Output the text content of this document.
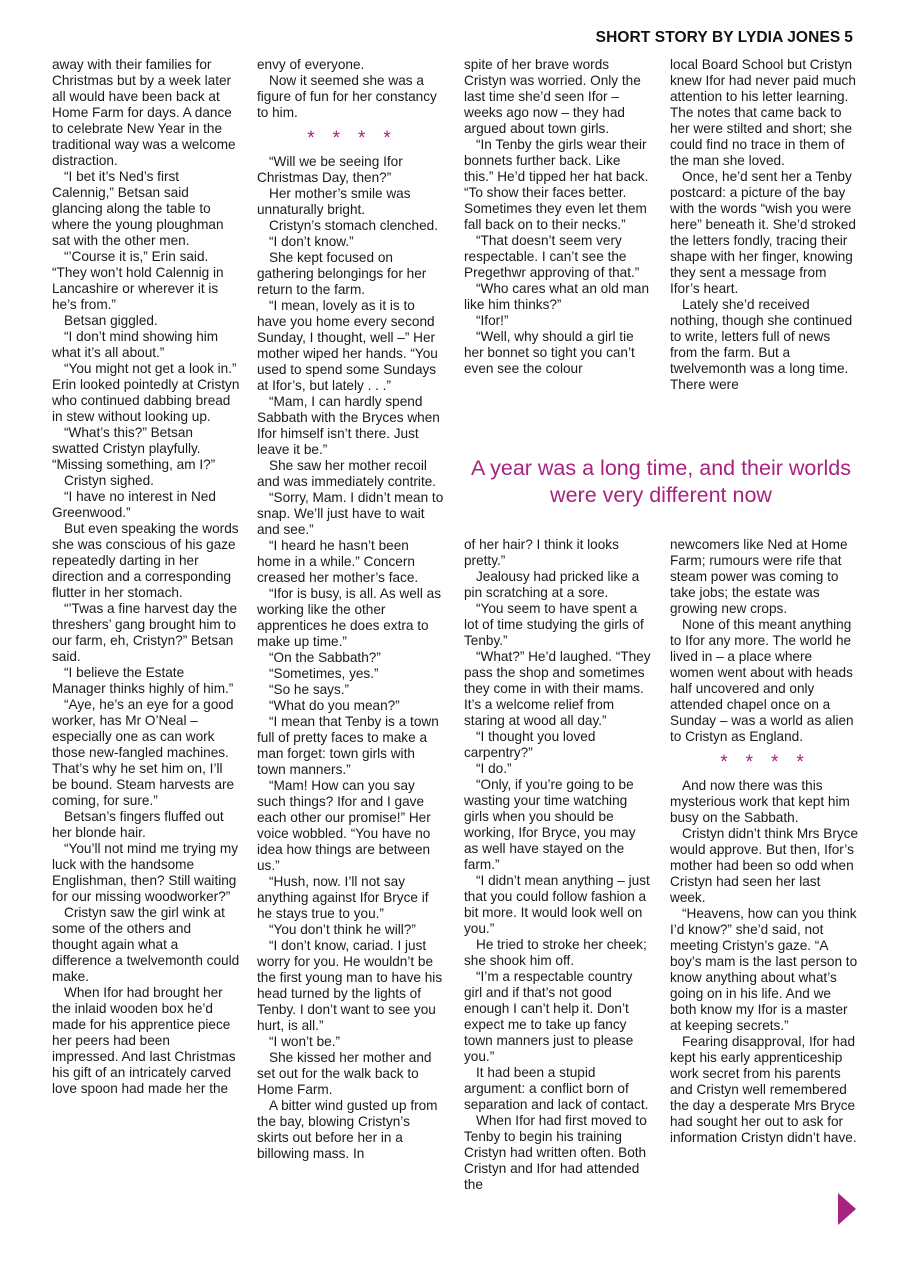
SHORT STORY BY LYDIA JONES 5

away with their families for Christmas but by a week later all would have been back at Home Farm for days. A dance to celebrate New Year in the traditional way was a welcome distraction.

“I bet it’s Ned’s first Calennig,” Betsan said glancing along the table to where the young ploughman sat with the other men.

“’Course it is,” Erin said. “They won’t hold Calennig in Lancashire or wherever it is he’s from.”

Betsan giggled.

“I don’t mind showing him what it’s all about.”

“You might not get a look in.” Erin looked pointedly at Cristyn who continued dabbing bread in stew without looking up.

“What’s this?” Betsan swatted Cristyn playfully. “Missing something, am I?”

Cristyn sighed.

“I have no interest in Ned Greenwood.”

But even speaking the words she was conscious of his gaze repeatedly darting in her direction and a corresponding flutter in her stomach.

“’Twas a fine harvest day the threshers’ gang brought him to our farm, eh, Cristyn?” Betsan said.

“I believe the Estate Manager thinks highly of him.”

“Aye, he’s an eye for a good worker, has Mr O’Neal – especially one as can work those new-fangled machines. That’s why he set him on, I’ll be bound. Steam harvests are coming, for sure.”

Betsan’s fingers fluffed out her blonde hair.

“You’ll not mind me trying my luck with the handsome Englishman, then? Still waiting for our missing woodworker?”

Cristyn saw the girl wink at some of the others and thought again what a difference a twelvemonth could make.

When Ifor had brought her the inlaid wooden box he’d made for his apprentice piece her peers had been impressed. And last Christmas his gift of an intricately carved love spoon had made her the

envy of everyone.

Now it seemed she was a figure of fun for her constancy to him.

****

“Will we be seeing Ifor Christmas Day, then?”

Her mother’s smile was unnaturally bright.

Cristyn’s stomach clenched.

“I don’t know.”

She kept focused on gathering belongings for her return to the farm.

“I mean, lovely as it is to have you home every second Sunday, I thought, well –” Her mother wiped her hands. “You used to spend some Sundays at Ifor’s, but lately . . .”

“Mam, I can hardly spend Sabbath with the Bryces when Ifor himself isn’t there. Just leave it be.”

She saw her mother recoil and was immediately contrite.

“Sorry, Mam. I didn’t mean to snap. We’ll just have to wait and see.”

“I heard he hasn’t been home in a while.” Concern creased her mother’s face.

“Ifor is busy, is all. As well as working like the other apprentices he does extra to make up time.”

“On the Sabbath?”

“Sometimes, yes.”

“So he says.”

“What do you mean?”

“I mean that Tenby is a town full of pretty faces to make a man forget: town girls with town manners.”

“Mam! How can you say such things? Ifor and I gave each other our promise!” Her voice wobbled. “You have no idea how things are between us.”

“Hush, now. I’ll not say anything against Ifor Bryce if he stays true to you.”

“You don’t think he will?”

“I don’t know, cariad. I just worry for you. He wouldn’t be the first young man to have his head turned by the lights of Tenby. I don’t want to see you hurt, is all.”

“I won’t be.”

She kissed her mother and set out for the walk back to Home Farm.

A bitter wind gusted up from the bay, blowing Cristyn’s skirts out before her in a billowing mass. In

spite of her brave words Cristyn was worried. Only the last time she’d seen Ifor – weeks ago now – they had argued about town girls.

“In Tenby the girls wear their bonnets further back. Like this.” He’d tipped her hat back. “To show their faces better. Sometimes they even let them fall back on to their necks.”

“That doesn’t seem very respectable. I can’t see the Pregethwr approving of that.”

“Who cares what an old man like him thinks?”

“Ifor!”

“Well, why should a girl tie her bonnet so tight you can’t even see the colour

local Board School but Cristyn knew Ifor had never paid much attention to his letter learning. The notes that came back to her were stilted and short; she could find no trace in them of the man she loved.

Once, he’d sent her a Tenby postcard: a picture of the bay with the words “wish you were here” beneath it. She’d stroked the letters fondly, tracing their shape with her finger, knowing they sent a message from Ifor’s heart.

Lately she’d received nothing, though she continued to write, letters full of news from the farm. But a twelvemonth was a long time. There were

A year was a long time, and their worlds were very different now

of her hair? I think it looks pretty.”

Jealousy had pricked like a pin scratching at a sore.

“You seem to have spent a lot of time studying the girls of Tenby.”

“What?” He’d laughed. “They pass the shop and sometimes they come in with their mams. It’s a welcome relief from staring at wood all day.”

“I thought you loved carpentry?”

“I do.”

“Only, if you’re going to be wasting your time watching girls when you should be working, Ifor Bryce, you may as well have stayed on the farm.”

“I didn’t mean anything – just that you could follow fashion a bit more. It would look well on you.”

He tried to stroke her cheek; she shook him off.

“I’m a respectable country girl and if that’s not good enough I can’t help it. Don’t expect me to take up fancy town manners just to please you.”

It had been a stupid argument: a conflict born of separation and lack of contact.

When Ifor had first moved to Tenby to begin his training Cristyn had written often. Both Cristyn and Ifor had attended the

newcomers like Ned at Home Farm; rumours were rife that steam power was coming to take jobs; the estate was growing new crops.

None of this meant anything to Ifor any more. The world he lived in – a place where women went about with heads half uncovered and only attended chapel once on a Sunday – was a world as alien to Cristyn as England.

****

And now there was this mysterious work that kept him busy on the Sabbath.

Cristyn didn’t think Mrs Bryce would approve. But then, Ifor’s mother had been so odd when Cristyn had seen her last week.

“Heavens, how can you think I’d know?” she’d said, not meeting Cristyn’s gaze. “A boy’s mam is the last person to know anything about what’s going on in his life. And we both know my Ifor is a master at keeping secrets.”

Fearing disapproval, Ifor had kept his early apprenticeship work secret from his parents and Cristyn well remembered the day a desperate Mrs Bryce had sought her out to ask for information Cristyn didn’t have.
